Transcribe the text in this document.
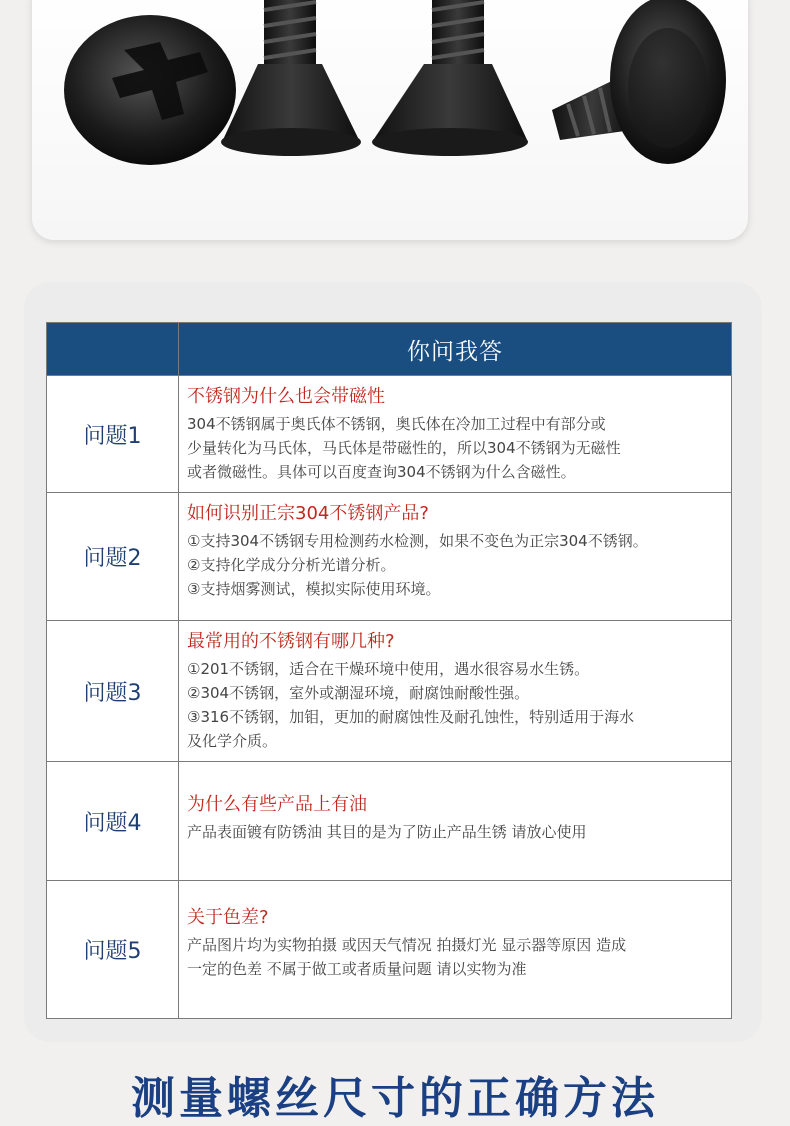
	你问我答
问题1	不锈钢为什么也会带磁性
304不锈钢属于奥氏体不锈钢，奥氏体在冷加工过程中有部分或
少量转化为马氏体，马氏体是带磁性的，所以304不锈钢为无磁性
或者微磁性。具体可以百度查询304不锈钢为什么含磁性。

问题2	如何识别正宗304不锈钢产品?
①支持304不锈钢专用检测药水检测，如果不变色为正宗304不锈钢。
②支持化学成分分析光谱分析。
③支持烟雾测试，模拟实际使用环境。

问题3	最常用的不锈钢有哪几种?
①201不锈钢，适合在干燥环境中使用，遇水很容易水生锈。
②304不锈钢，室外或潮湿环境，耐腐蚀耐酸性强。
③316不锈钢，加钼，更加的耐腐蚀性及耐孔蚀性，特别适用于海水
及化学介质。

问题4	为什么有些产品上有油
产品表面镀有防锈油 其目的是为了防止产品生锈 请放心使用

问题5	关于色差?
产品图片均为实物拍摄 或因天气情况 拍摄灯光 显示器等原因 造成
一定的色差 不属于做工或者质量问题 请以实物为准
测量螺丝尺寸的正确方法
